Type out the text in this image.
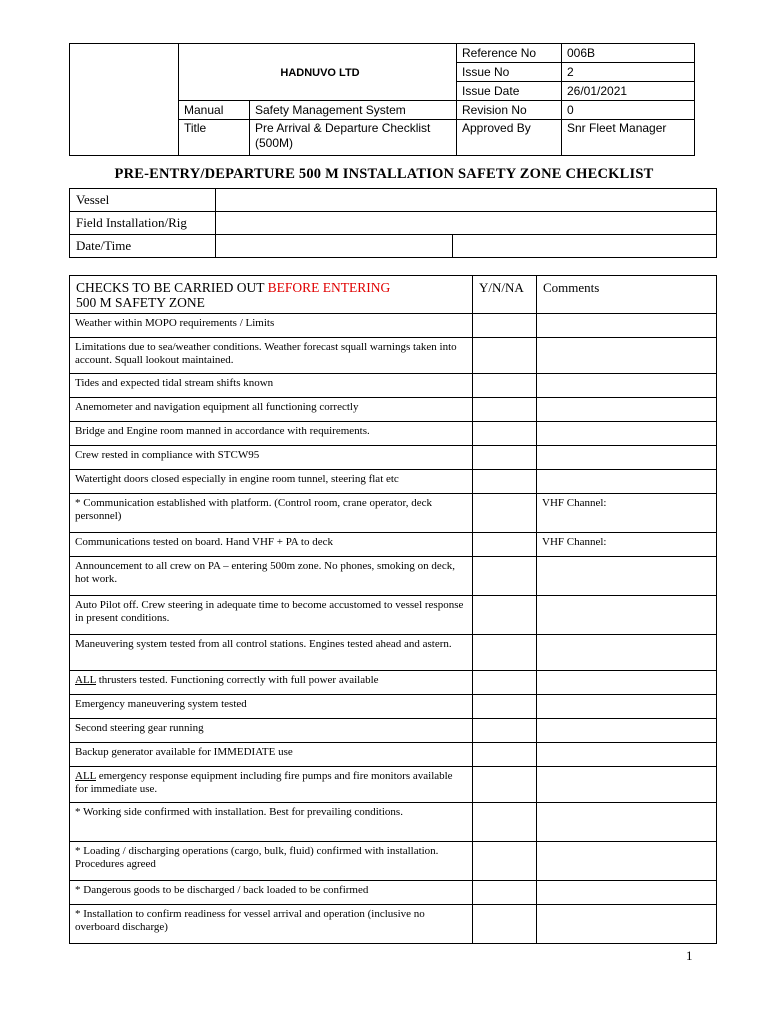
	HADNUVO LTD		Reference No	006B
			Issue No	2
			Issue Date	26/01/2021
	Manual	Safety Management System	Revision No	0
	Title	Pre Arrival & Departure Checklist (500M)	Approved By	Snr Fleet Manager
PRE-ENTRY/DEPARTURE 500 M INSTALLATION SAFETY ZONE CHECKLIST
Vessel		
Field Installation/Rig		
Date/Time		
CHECKS TO BE CARRIED OUT BEFORE ENTERING
500 M SAFETY ZONE	Y/N/NA	Comments
Weather within MOPO requirements / Limits		
Limitations due to sea/weather conditions. Weather forecast squall warnings taken into account. Squall lookout maintained.		
Tides and expected tidal stream shifts known		
Anemometer and navigation equipment all functioning correctly		
Bridge and Engine room manned in accordance with requirements.		
Crew rested in compliance with STCW95		
Watertight doors closed especially in engine room tunnel, steering flat etc		
* Communication established with platform. (Control room, crane operator, deck personnel)		VHF Channel:
Communications tested on board. Hand VHF + PA to deck		VHF Channel:
Announcement to all crew on PA – entering 500m zone. No phones, smoking on deck, hot work.		
Auto Pilot off. Crew steering in adequate time to become accustomed to vessel response in present conditions.		
Maneuvering system tested from all control stations. Engines tested ahead and astern.		
ALL thrusters tested. Functioning correctly with full power available		
Emergency maneuvering system tested		
Second steering gear running		
Backup generator available for IMMEDIATE use		
ALL emergency response equipment including fire pumps and fire monitors available for immediate use.		
* Working side confirmed with installation. Best for prevailing conditions.		
* Loading / discharging operations (cargo, bulk, fluid) confirmed with installation. Procedures agreed		
* Dangerous goods to be discharged / back loaded to be confirmed		
* Installation to confirm readiness for vessel arrival and operation (inclusive no overboard discharge)		
1
